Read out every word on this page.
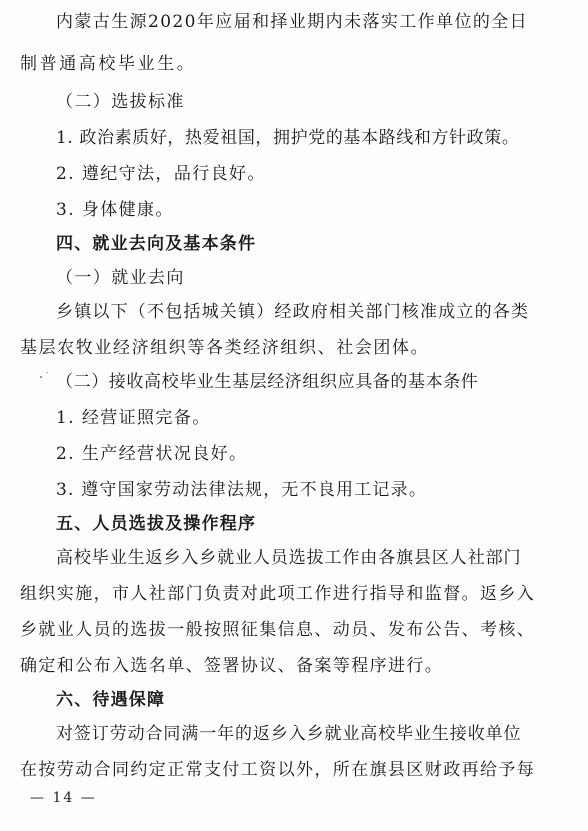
内蒙古生源2020年应届和择业期内未落实工作单位的全日
制普通高校毕业生。
（二）选拔标准
1. 政治素质好，热爱祖国，拥护党的基本路线和方针政策。
2. 遵纪守法，品行良好。
3. 身体健康。
四、就业去向及基本条件
（一）就业去向
乡镇以下（不包括城关镇）经政府相关部门核准成立的各类
基层农牧业经济组织等各类经济组织、社会团体。
（二）接收高校毕业生基层经济组织应具备的基本条件
1. 经营证照完备。
2. 生产经营状况良好。
3. 遵守国家劳动法律法规，无不良用工记录。
五、人员选拔及操作程序
高校毕业生返乡入乡就业人员选拔工作由各旗县区人社部门
组织实施，市人社部门负责对此项工作进行指导和监督。返乡入
乡就业人员的选拔一般按照征集信息、动员、发布公告、考核、
确定和公布入选名单、签署协议、备案等程序进行。
六、待遇保障
对签订劳动合同满一年的返乡入乡就业高校毕业生接收单位
在按劳动合同约定正常支付工资以外，所在旗县区财政再给予每
— 14 —
